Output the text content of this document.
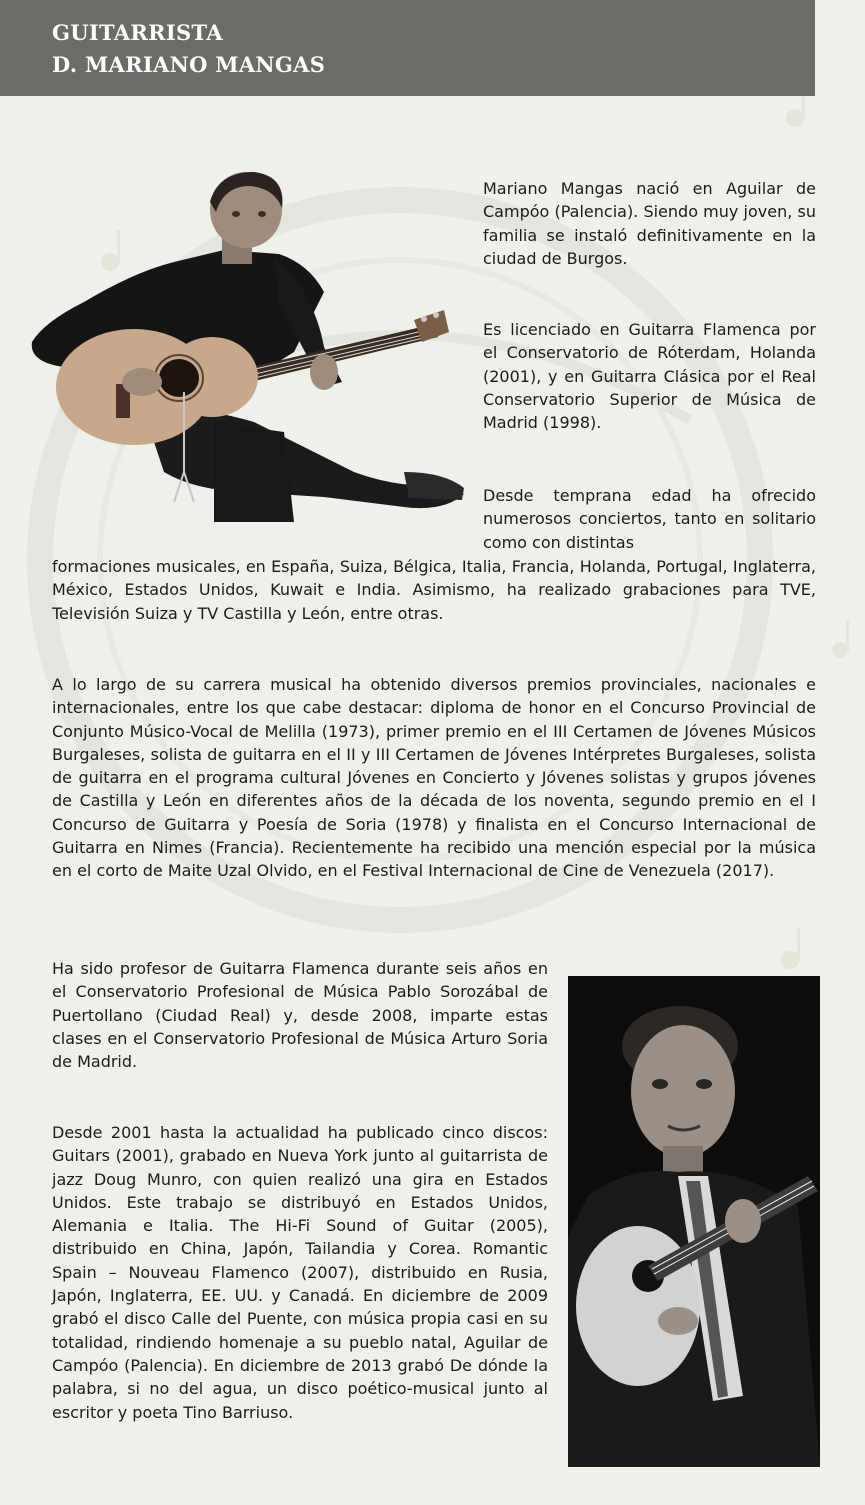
GUITARRISTA
D. MARIANO MANGAS

Mariano Mangas nació en Aguilar de Campóo (Palencia). Siendo muy joven, su familia se instaló definitivamente en la ciudad de Burgos.

Es licenciado en Guitarra Flamenca por el Conservatorio de Róterdam, Holanda (2001), y en Guitarra Clásica por el Real Conservatorio Superior de Música de Madrid (1998).

Desde temprana edad ha ofrecido numerosos conciertos, tanto en solitario como con distintas

formaciones musicales, en España, Suiza, Bélgica, Italia, Francia, Holanda, Portugal, Inglaterra, México, Estados Unidos, Kuwait e India. Asimismo, ha realizado grabaciones para TVE, Televisión Suiza y TV Castilla y León, entre otras.

A lo largo de su carrera musical ha obtenido diversos premios provinciales, nacionales e internacionales, entre los que cabe destacar: diploma de honor en el Concurso Provincial de Conjunto Músico-Vocal de Melilla (1973), primer premio en el III Certamen de Jóvenes Músicos Burgaleses, solista de guitarra en el II y III Certamen de Jóvenes Intérpretes Burgaleses, solista de guitarra en el programa cultural Jóvenes en Concierto y Jóvenes solistas y grupos jóvenes de Castilla y León en diferentes años de la década de los noventa, segundo premio en el I Concurso de Guitarra y Poesía de Soria (1978) y finalista en el Concurso Internacional de Guitarra en Nimes (Francia). Recientemente ha recibido una mención especial por la música en el corto de Maite Uzal Olvido, en el Festival Internacional de Cine de Venezuela (2017).

Ha sido profesor de Guitarra Flamenca durante seis años en el Conservatorio Profesional de Música Pablo Sorozábal de Puertollano (Ciudad Real) y, desde 2008, imparte estas clases en el Conservatorio Profesional de Música Arturo Soria de Madrid.

Desde 2001 hasta la actualidad ha publicado cinco discos: Guitars (2001), grabado en Nueva York junto al guitarrista de jazz Doug Munro, con quien realizó una gira en Estados Unidos. Este trabajo se distribuyó en Estados Unidos, Alemania e Italia. The Hi-Fi Sound of Guitar (2005), distribuido en China, Japón, Tailandia y Corea. Romantic Spain – Nouveau Flamenco (2007), distribuido en Rusia, Japón, Inglaterra, EE. UU. y Canadá. En diciembre de 2009 grabó el disco Calle del Puente, con música propia casi en su totalidad, rindiendo homenaje a su pueblo natal, Aguilar de Campóo (Palencia). En diciembre de 2013 grabó De dónde la palabra, si no del agua, un disco poético-musical junto al escritor y poeta Tino Barriuso.
